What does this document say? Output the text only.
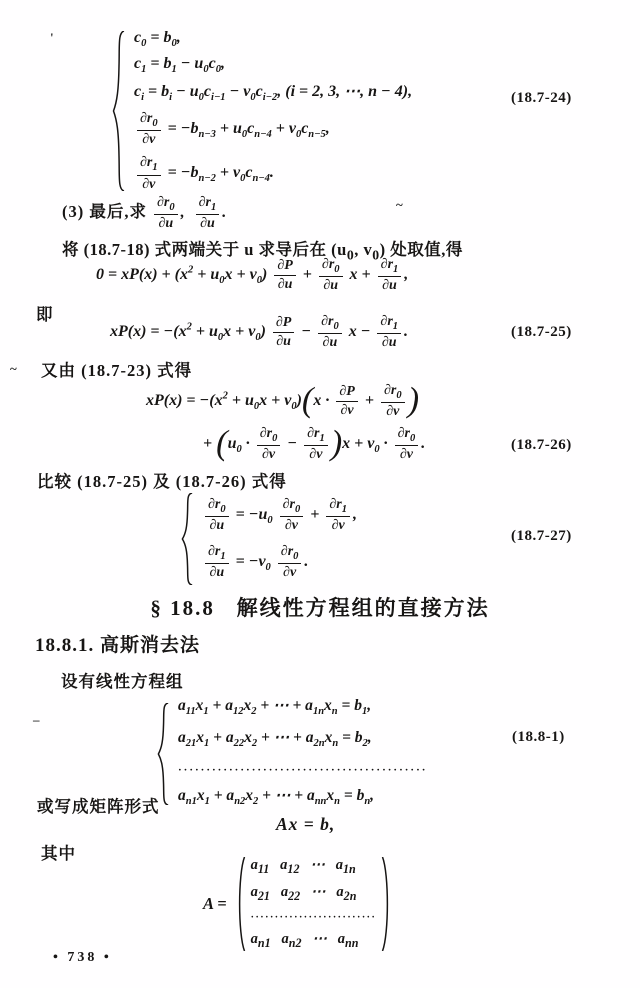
'
~
~
–
$c_0 = b_0$,
$c_1 = b_1 - u_0c_0$,
$c_i = b_i - u_0c_{i-1} - v_0c_{i-2}$, (i = 2, 3, ⋯, n − 4),
$\frac{\partial r_0}{\partial v} = -b_{n-3} + u_0c_{n-4} + v_0c_{n-5}$,
$\frac{\partial r_1}{\partial v} = -b_{n-2} + v_0c_{n-4}$.
(18.7-24)
(3) 最后,求 $\frac{\partial r_0}{\partial u}$ , $\frac{\partial r_1}{\partial u}$ .
将 (18.7-18) 式两端关于 u 求导后在 ($u_0$, $v_0$) 处取值,得
$0 = xP(x) + (x^2 + u_0x + v_0) \frac{\partial P}{\partial u} + \frac{\partial r_0}{\partial u}$ $x + \frac{\partial r_1}{\partial u}$ ,
即
$xP(x) = -(x^2 + u_0x + v_0) \frac{\partial P}{\partial u} - \frac{\partial r_0}{\partial u}$ $x - \frac{\partial r_1}{\partial u}$ .	(18.7-25)
又由 (18.7-23) 式得
$xP(x) = -(x^2 + u_0x + v_0)(x \cdot \frac{\partial P}{\partial v} + \frac{\partial r_0}{\partial v}$ )
+ $(u_0 \cdot \frac{\partial r_0}{\partial v} - \frac{\partial r_1}{\partial v} )x + v_0 \cdot \frac{\partial r_0}{\partial v}$ .	(18.7-26)
比较 (18.7-25) 及 (18.7-26) 式得
$\frac{\partial r_0}{\partial u} = -u_0 \frac{\partial r_0}{\partial v} + \frac{\partial r_1}{\partial v}$ ,
$\frac{\partial r_1}{\partial u} = -v_0 \frac{\partial r_0}{\partial v}$ .
(18.7-27)
§ 18.8   解线性方程组的直接方法
18.8.1. 高斯消去法
设有线性方程组
$a_{11}x_1 + a_{12}x_2$ + ⋯ + $a_{1n}x_n = b_1$,
$a_{21}x_1 + a_{22}x_2$ + ⋯ + $a_{2n}x_n = b_2$,
············································
$a_{n1}x_1 + a_{n2}x_2$ + ⋯ + $a_{nn}x_n = b_n$,
(18.8-1)
或写成矩阵形式
Ax = b,
其中
A =
$a_{11}$   $a_{12}$   ⋯   $a_{1n}$
$a_{21}$   $a_{22}$   ⋯   $a_{2n}$
··························
$a_{n1}$   $a_{n2}$   ⋯   $a_{nn}$
• 738 •
